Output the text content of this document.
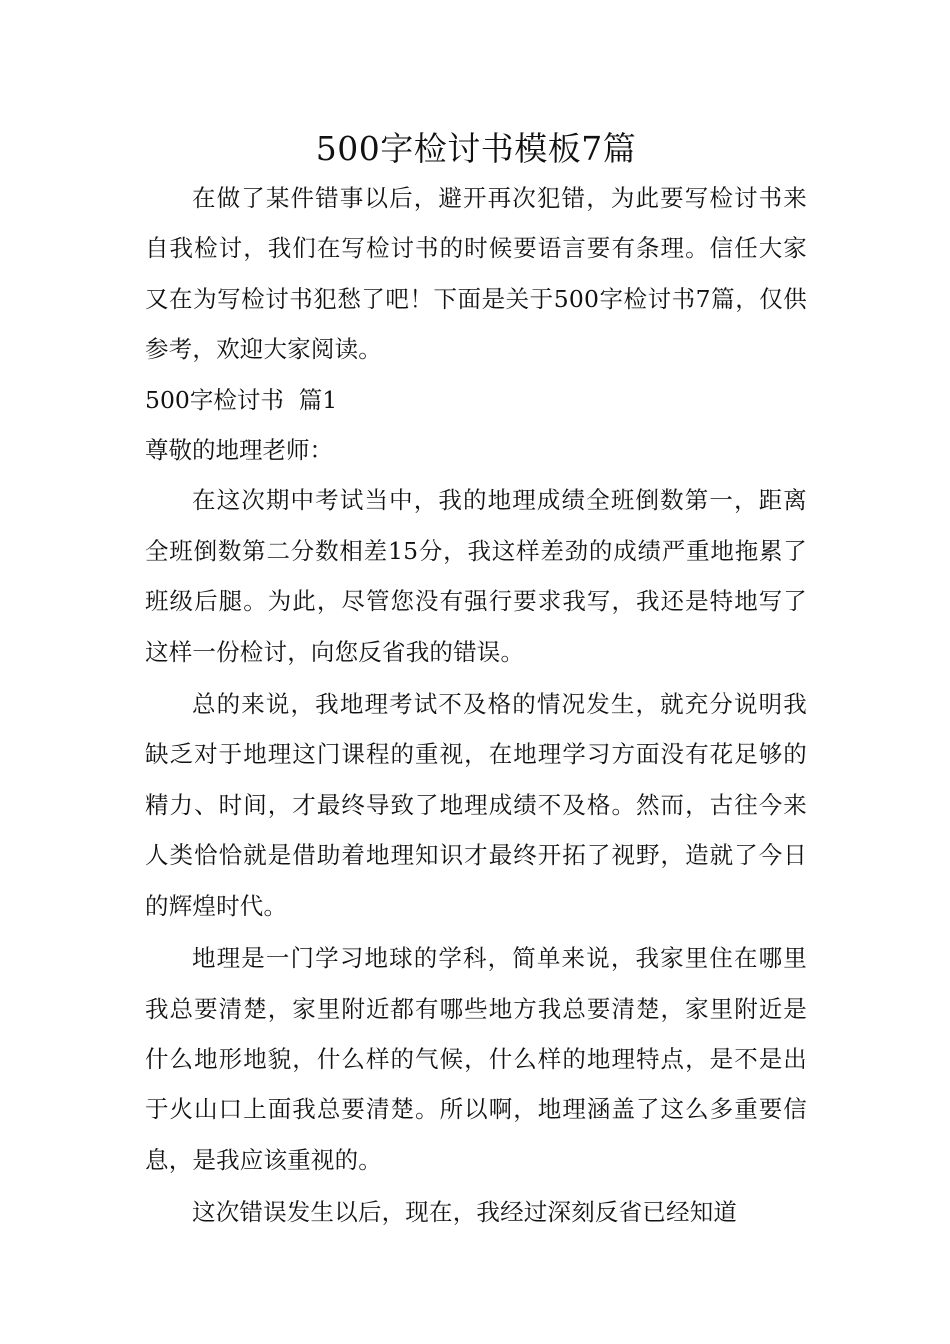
500字检讨书模板7篇

在做了某件错事以后，避开再次犯错，为此要写检讨书来自我检讨，我们在写检讨书的时候要语言要有条理。信任大家又在为写检讨书犯愁了吧！下面是关于500字检讨书7篇，仅供参考，欢迎大家阅读。

500字检讨书  篇1

尊敬的地理老师：

在这次期中考试当中，我的地理成绩全班倒数第一，距离全班倒数第二分数相差15分，我这样差劲的成绩严重地拖累了班级后腿。为此，尽管您没有强行要求我写，我还是特地写了这样一份检讨，向您反省我的错误。

总的来说，我地理考试不及格的情况发生，就充分说明我缺乏对于地理这门课程的重视，在地理学习方面没有花足够的精力、时间，才最终导致了地理成绩不及格。然而，古往今来人类恰恰就是借助着地理知识才最终开拓了视野，造就了今日的辉煌时代。

地理是一门学习地球的学科，简单来说，我家里住在哪里我总要清楚，家里附近都有哪些地方我总要清楚，家里附近是什么地形地貌，什么样的气候，什么样的地理特点，是不是出于火山口上面我总要清楚。所以啊，地理涵盖了这么多重要信息，是我应该重视的。

这次错误发生以后，现在，我经过深刻反省已经知道
